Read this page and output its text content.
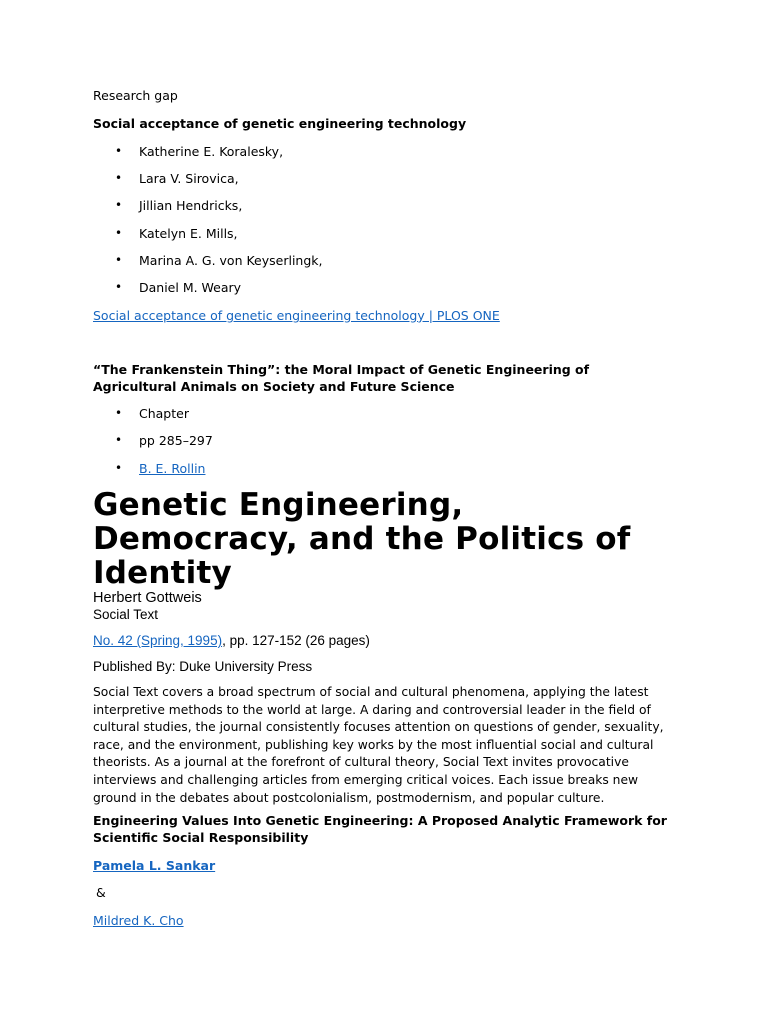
Research gap

Social acceptance of genetic engineering technology

• Katherine E. Koralesky,
• Lara V. Sirovica,
• Jillian Hendricks,
• Katelyn E. Mills,
• Marina A. G. von Keyserlingk,
• Daniel M. Weary
Social acceptance of genetic engineering technology | PLOS ONE

“The Frankenstein Thing”: the Moral Impact of Genetic Engineering of Agricultural Animals on Society and Future Science

• Chapter
• pp 285–297
• B. E. Rollin
Genetic Engineering, Democracy, and the Politics of Identity

Herbert Gottweis

Social Text

No. 42 (Spring, 1995), pp. 127-152 (26 pages)

Published By: Duke University Press

Social Text covers a broad spectrum of social and cultural phenomena, applying the latest interpretive methods to the world at large. A daring and controversial leader in the field of cultural studies, the journal consistently focuses attention on questions of gender, sexuality, race, and the environment, publishing key works by the most influential social and cultural theorists. As a journal at the forefront of cultural theory, Social Text invites provocative interviews and challenging articles from emerging critical voices. Each issue breaks new ground in the debates about postcolonialism, postmodernism, and popular culture.

Engineering Values Into Genetic Engineering: A Proposed Analytic Framework for Scientific Social Responsibility

Pamela L. Sankar

&

Mildred K. Cho
